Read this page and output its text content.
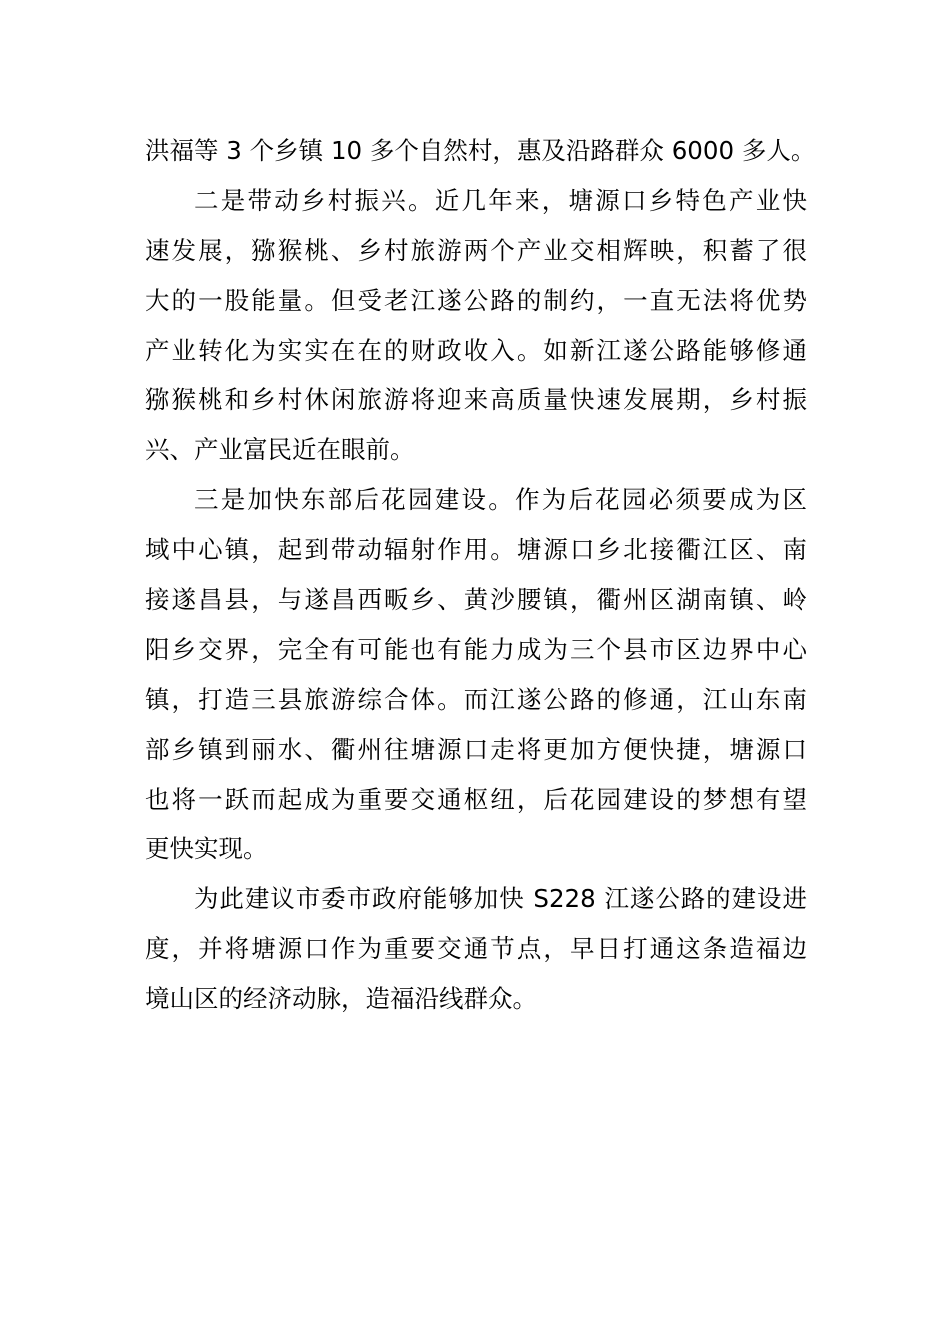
洪福等 3 个乡镇 10 多个自然村，惠及沿路群众 6000 多人。
二是带动乡村振兴。近几年来，塘源口乡特色产业快
速发展，猕猴桃、乡村旅游两个产业交相辉映，积蓄了很
大的一股能量。但受老江遂公路的制约，一直无法将优势
产业转化为实实在在的财政收入。如新江遂公路能够修通
猕猴桃和乡村休闲旅游将迎来高质量快速发展期，乡村振
兴、产业富民近在眼前。
三是加快东部后花园建设。作为后花园必须要成为区
域中心镇，起到带动辐射作用。塘源口乡北接衢江区、南
接遂昌县，与遂昌西畈乡、黄沙腰镇，衢州区湖南镇、岭
阳乡交界，完全有可能也有能力成为三个县市区边界中心
镇，打造三县旅游综合体。而江遂公路的修通，江山东南
部乡镇到丽水、衢州往塘源口走将更加方便快捷，塘源口
也将一跃而起成为重要交通枢纽，后花园建设的梦想有望
更快实现。
为此建议市委市政府能够加快 S228 江遂公路的建设进
度，并将塘源口作为重要交通节点，早日打通这条造福边
境山区的经济动脉，造福沿线群众。
